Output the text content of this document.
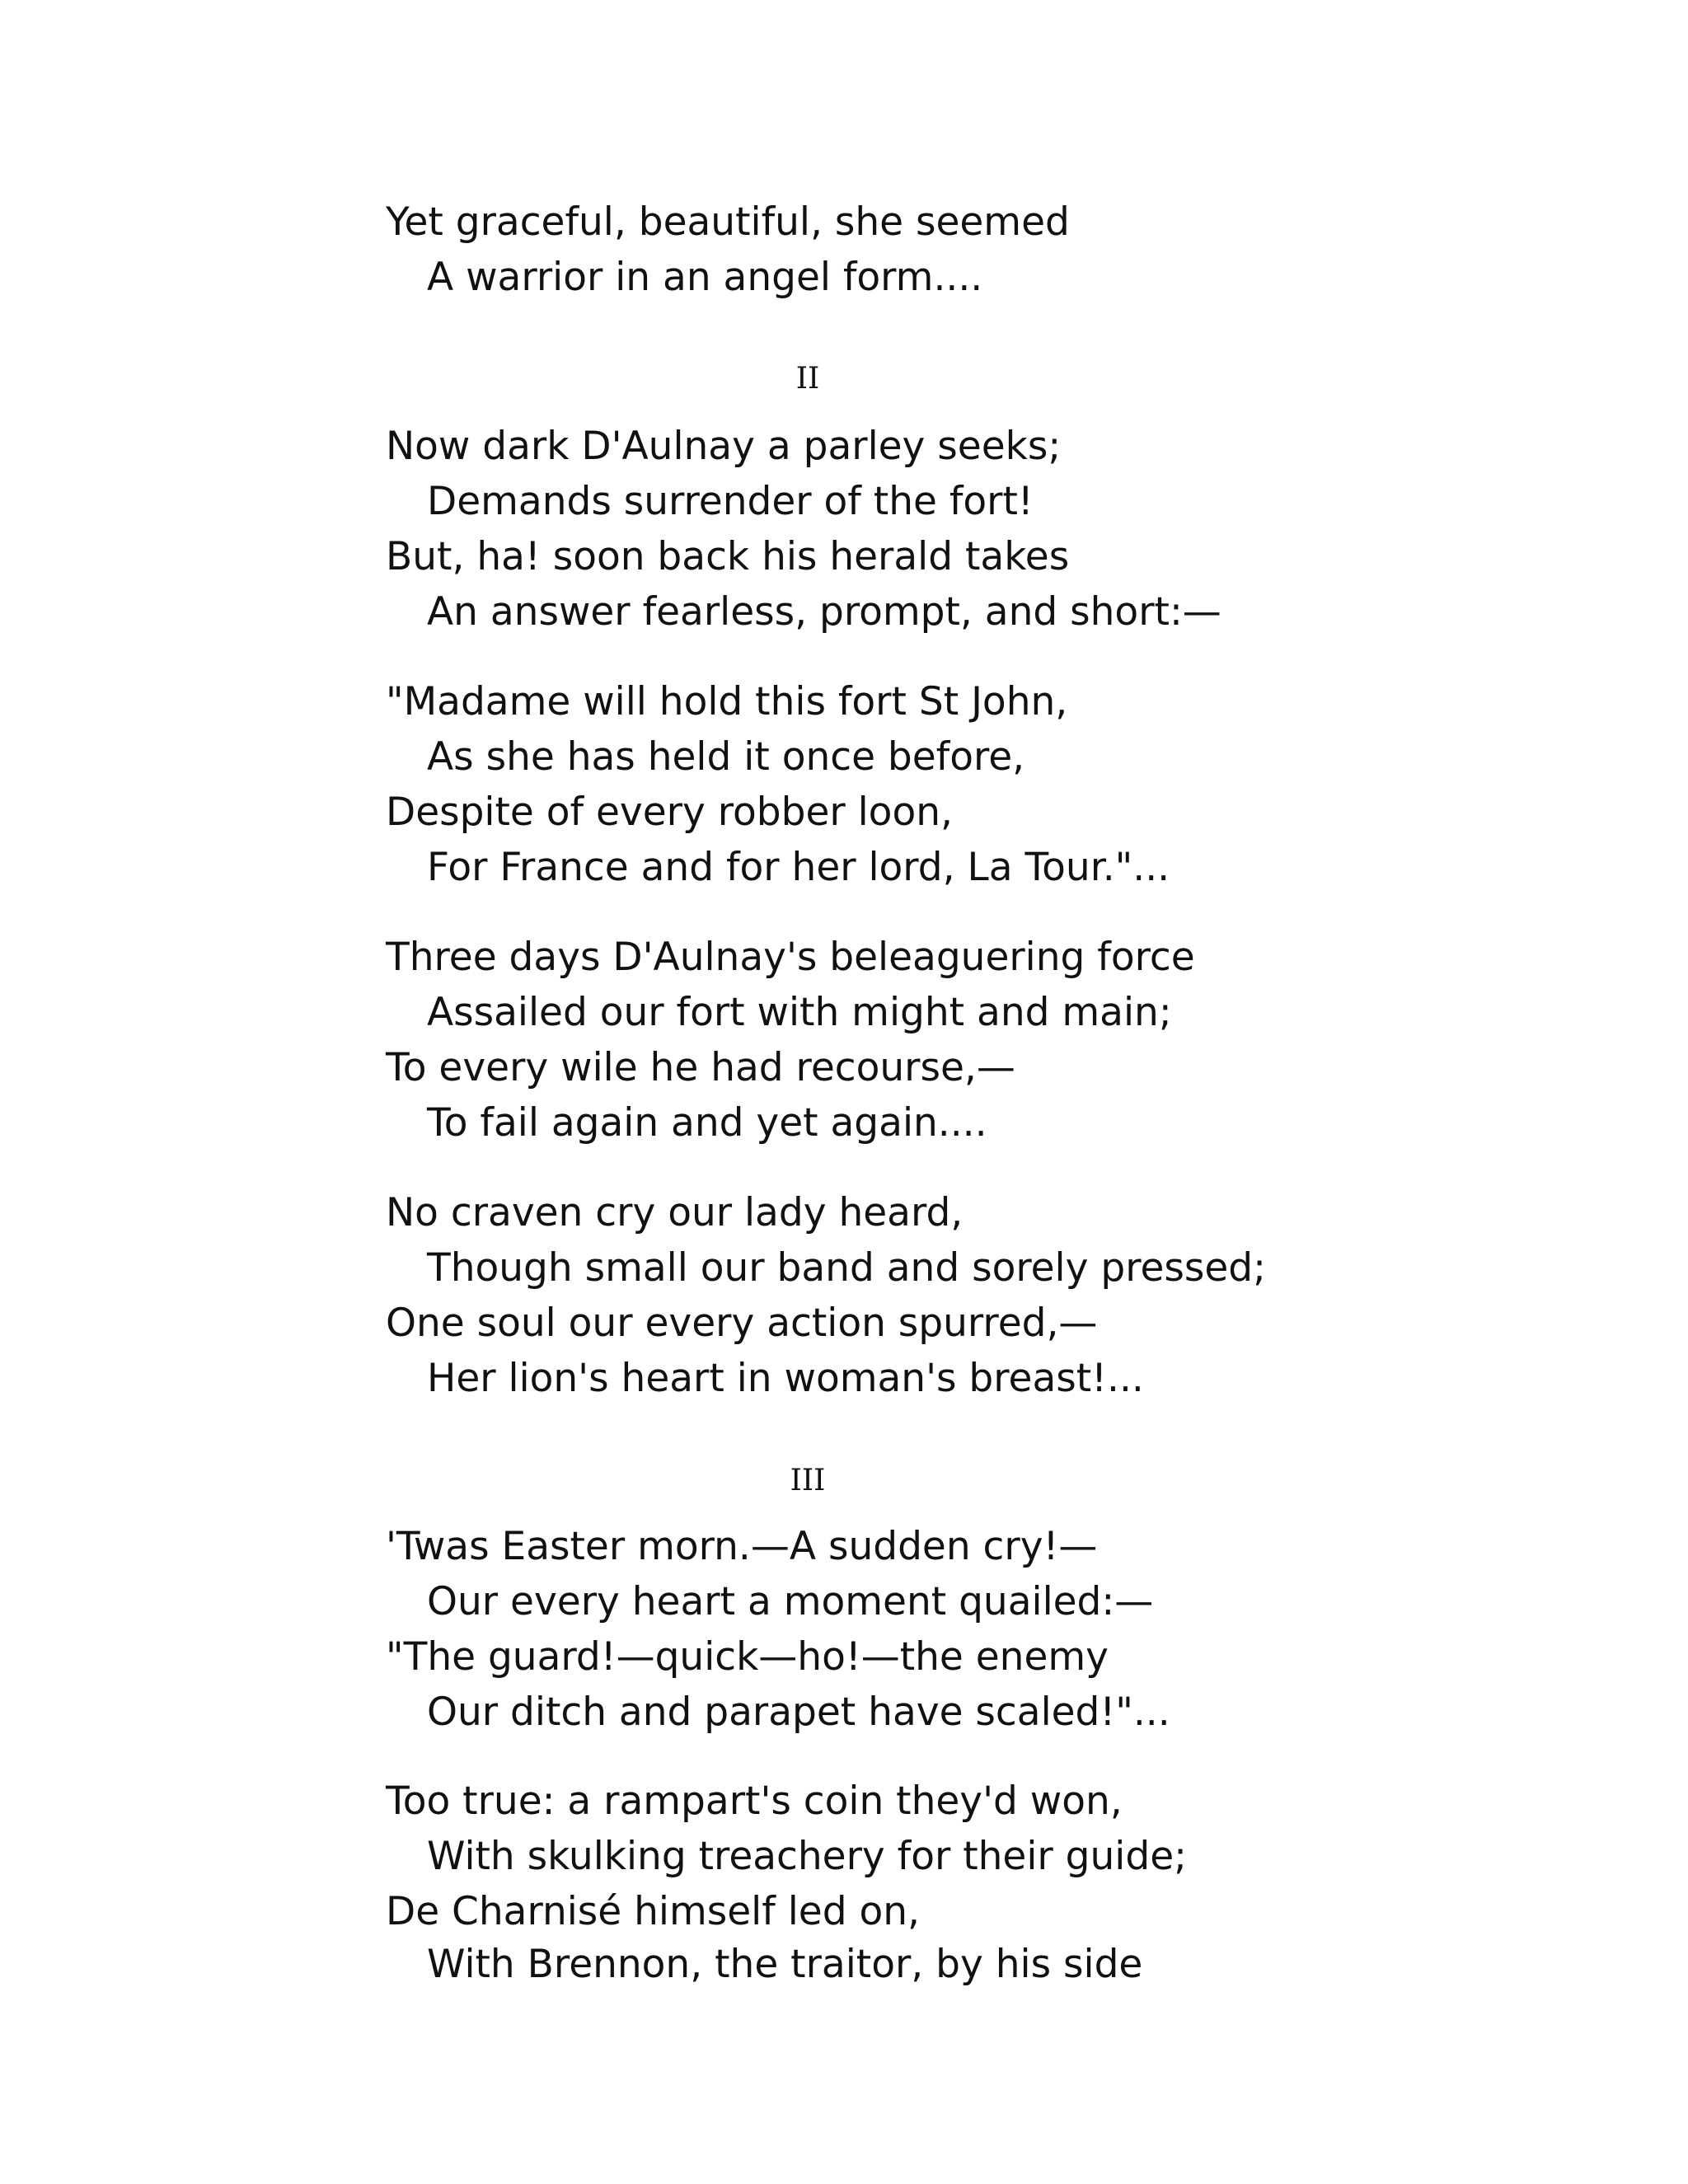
Yet graceful, beautiful, she seemed
A warrior in an angel form....
II
Now dark D'Aulnay a parley seeks;
Demands surrender of the fort!
But, ha! soon back his herald takes
An answer fearless, prompt, and short:—
"Madame will hold this fort St John,
As she has held it once before,
Despite of every robber loon,
For France and for her lord, La Tour."...
Three days D'Aulnay's beleaguering force
Assailed our fort with might and main;
To every wile he had recourse,—
To fail again and yet again....
No craven cry our lady heard,
Though small our band and sorely pressed;
One soul our every action spurred,—
Her lion's heart in woman's breast!...
III
'Twas Easter morn.—A sudden cry!—
Our every heart a moment quailed:—
"The guard!—quick—ho!—the enemy
Our ditch and parapet have scaled!"...
Too true: a rampart's coin they'd won,
With skulking treachery for their guide;
De Charnisé himself led on,
With Brennon, the traitor, by his side
